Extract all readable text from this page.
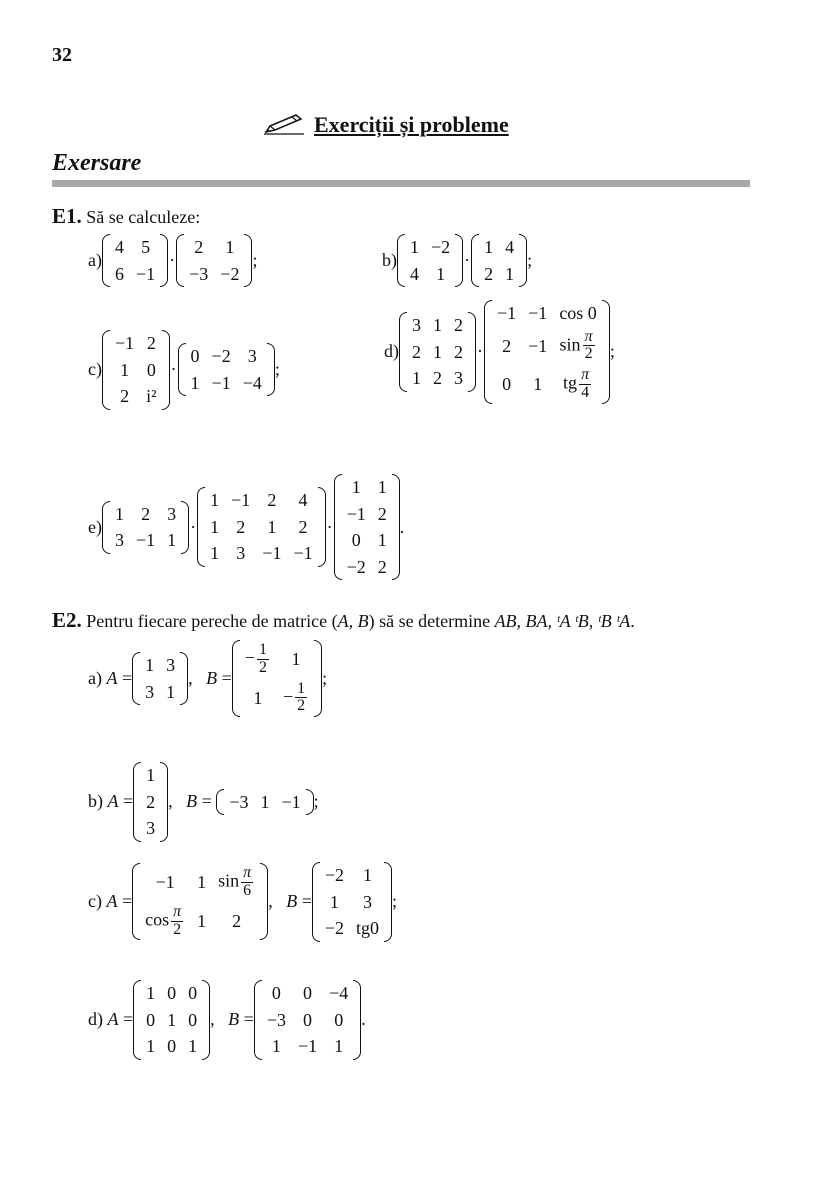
32
Exerciții și probleme
Exersare
E1. Să se calculeze:
a)
4	5
6	−1
·
2	1
−3	−2
;	b)
1	−2
4	1
·
1	4
2	1
;
c)
−1	2
1	0
2	i²
·
0	−2	3
1	−1	−4
;
d)
3	1	2
2	1	2
1	2	3
·
−1	−1	cos 0
2	−1	$\sin \frac{\pi}{2}$

0	1	tg $\frac{\pi}{4}$
;
e)
1	2	3
3	−1	1
·
1	−1	2	4
1	2	1	2
1	3	−1	−1
·
1	1
−1	2
0	1
−2	2
.
E2. Pentru fiecare pereche de matrice (A, B) să se determine AB, BA, ᵗA ᵗB, ᵗB ᵗA.
a) A =
1	3
3	1
, B =
− $\frac{1}{2}$	1
1	− $\frac{1}{2}$
;
b) A =
1
2
3
, B = −3	1	−1 ;
c) A =
−1	1	$\sin \frac{\pi}{6}$

$\cos \frac{\pi}{2}$	1	2
, B =
−2	1
1	3
−2	tg0
;
d) A =
1	0	0
0	1	0
1	0	1
, B =
0	0	−4
−3	0	0
1	−1	1
.
